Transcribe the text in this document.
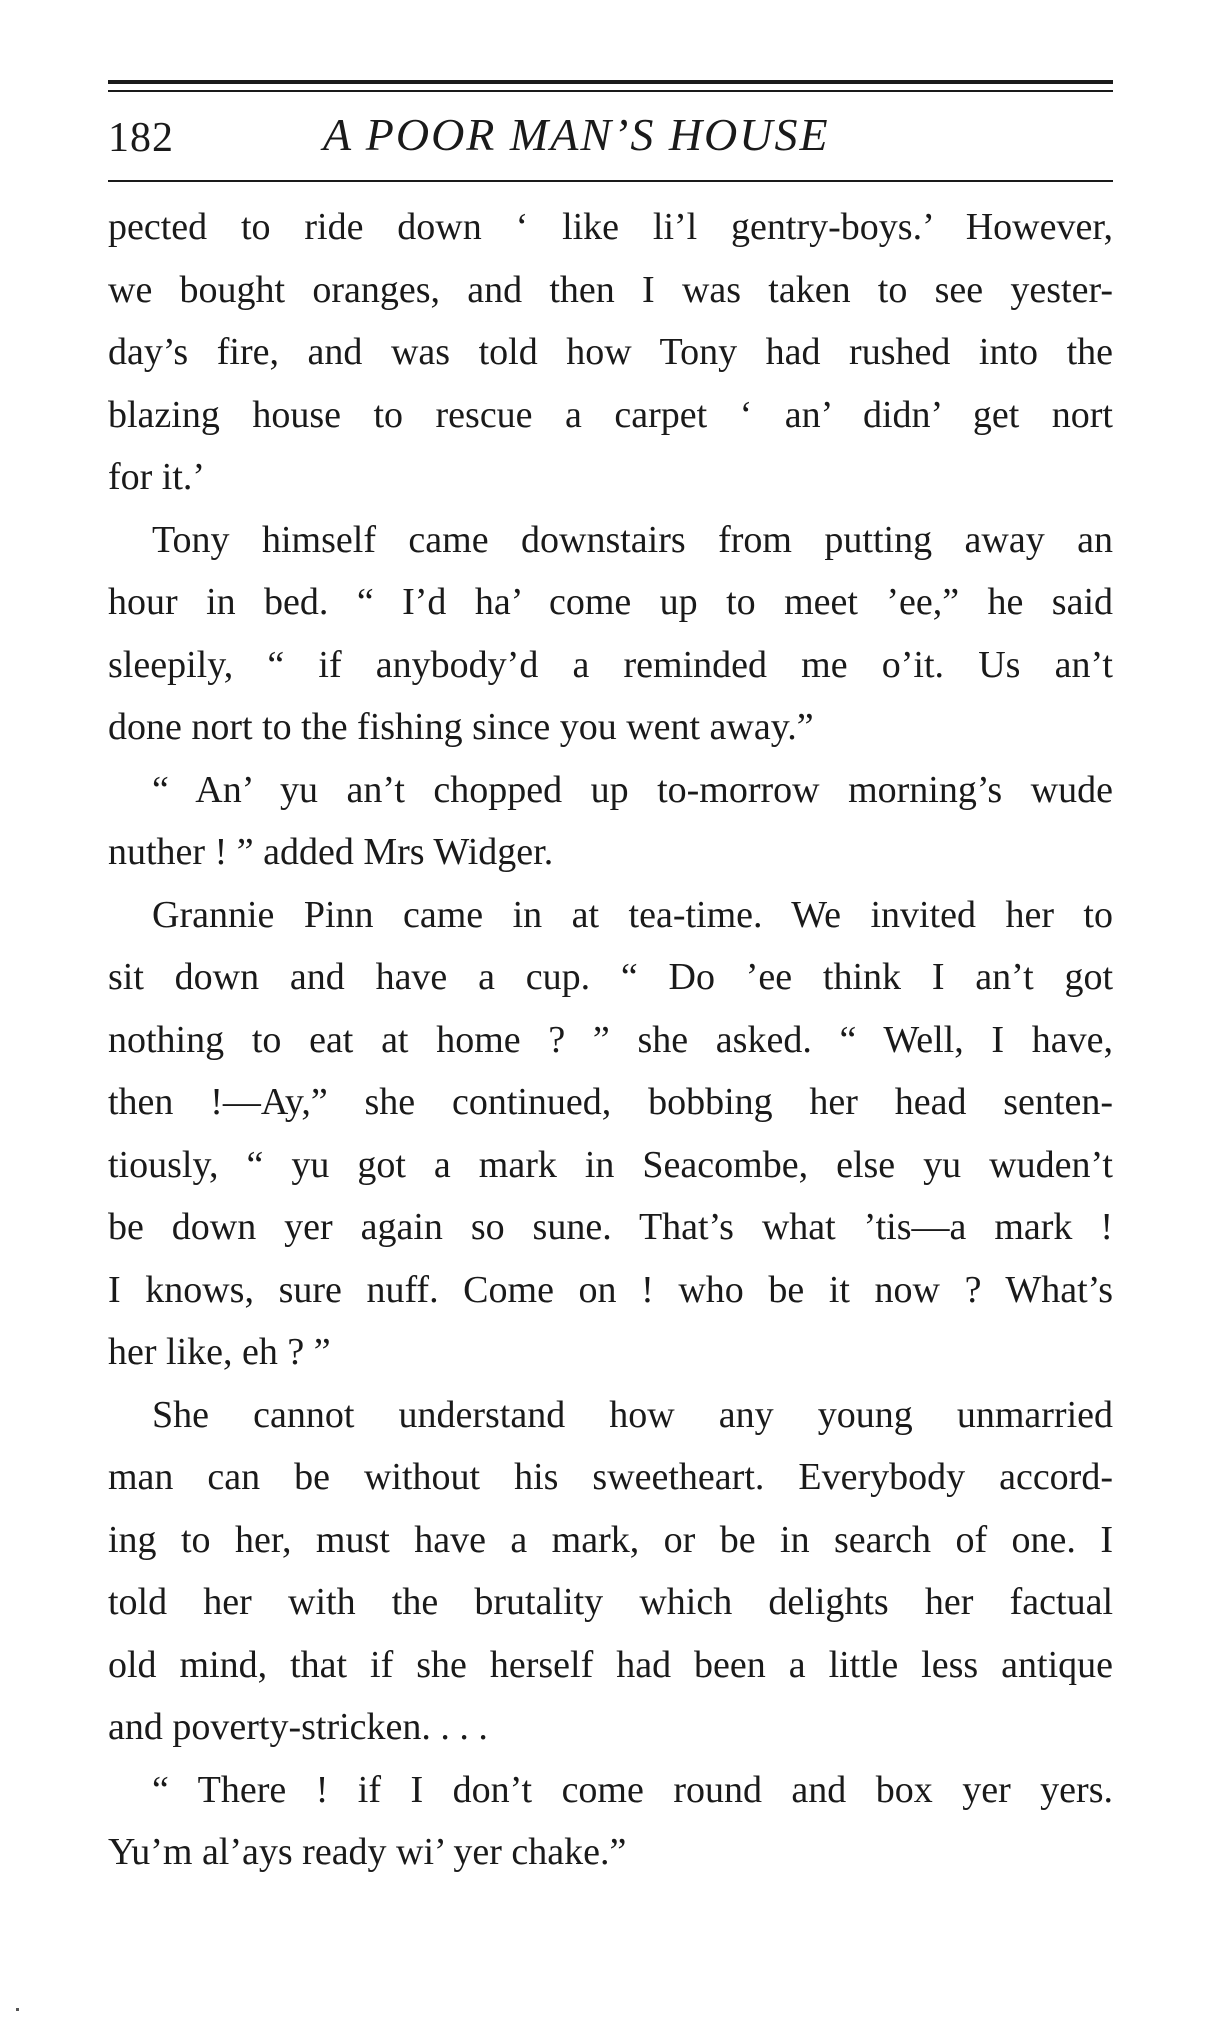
182	A POOR MAN’S HOUSE
pected to ride down ‘ like li’l gentry-boys.’ However,
we bought oranges, and then I was taken to see yester-
day’s fire, and was told how Tony had rushed into the
blazing house to rescue a carpet ‘ an’ didn’ get nort
for it.’
Tony himself came downstairs from putting away an
hour in bed. “ I’d ha’ come up to meet ’ee,” he said
sleepily, “ if anybody’d a reminded me o’it. Us an’t
done nort to the fishing since you went away.”
“ An’ yu an’t chopped up to-morrow morning’s wude
nuther ! ” added Mrs Widger.
Grannie Pinn came in at tea-time. We invited her to
sit down and have a cup. “ Do ’ee think I an’t got
nothing to eat at home ? ” she asked. “ Well, I have,
then !—Ay,” she continued, bobbing her head senten-
tiously, “ yu got a mark in Seacombe, else yu wuden’t
be down yer again so sune. That’s what ’tis—a mark !
I knows, sure nuff. Come on ! who be it now ? What’s
her like, eh ? ”
She cannot understand how any young unmarried
man can be without his sweetheart. Everybody accord-
ing to her, must have a mark, or be in search of one. I
told her with the brutality which delights her factual
old mind, that if she herself had been a little less antique
and poverty-stricken. . . .
“ There ! if I don’t come round and box yer yers.
Yu’m al’ays ready wi’ yer chake.”
